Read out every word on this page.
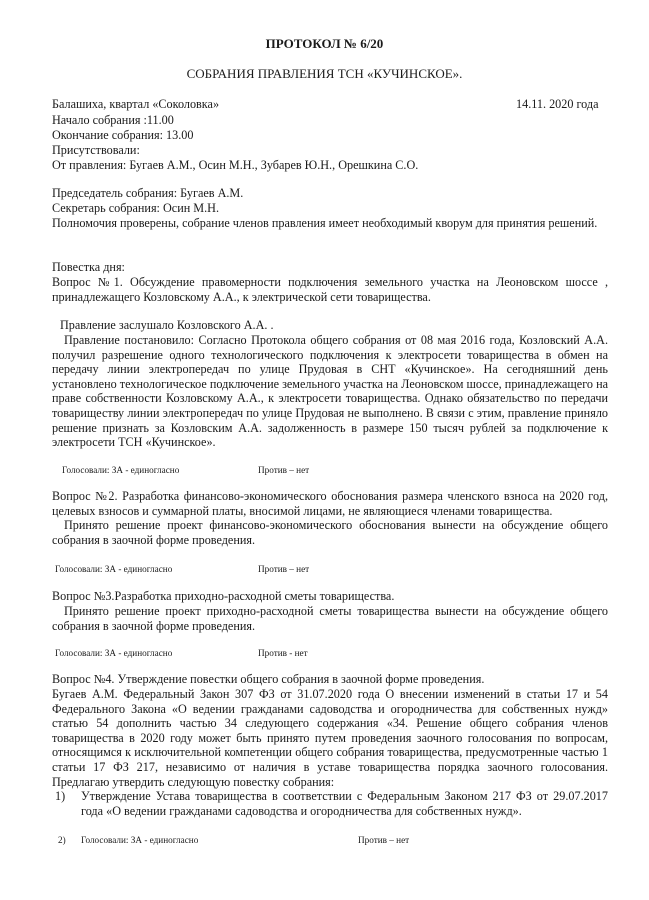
ПРОТОКОЛ № 6/20
СОБРАНИЯ ПРАВЛЕНИЯ ТСН «КУЧИНСКОЕ».
Балашиха, квартал «Соколовка»	14.11. 2020 года
Начало собрания :11.00
Окончание собрания: 13.00
Присутствовали:
От правления: Бугаев А.М., Осин М.Н., Зубарев Ю.Н., Орешкина С.О.
Председатель собрания: Бугаев А.М.
Секретарь собрания: Осин М.Н.
Полномочия проверены, собрание членов правления имеет необходимый кворум для принятия решений.
Повестка дня:
Вопрос №1. Обсуждение правомерности подключения земельного участка на Леоновском шоссе , принадлежащего Козловскому А.А., к электрической сети товарищества.
Правление заслушало Козловского А.А. .
Правление постановило: Согласно Протокола общего собрания от 08 мая 2016 года, Козловский А.А. получил разрешение одного технологического подключения к электросети товарищества в обмен на передачу линии электропередач по улице Прудовая в СНТ «Кучинское». На сегодняшний день установлено технологическое подключение земельного участка на Леоновском шоссе, принадлежащего на праве собственности Козловскому А.А., к электросети товарищества. Однако обязательство по передачи товариществу линии электропередач по улице Прудовая не выполнено. В связи с этим, правление приняло решение признать за Козловским А.А. задолженность в размере 150 тысяч рублей за подключение к электросети ТСН «Кучинское».
Голосовали: ЗА - единогласно	Против – нет
Вопрос №2. Разработка финансово-экономического обоснования размера членского взноса на 2020 год, целевых взносов и суммарной платы, вносимой лицами, не являющиеся членами товарищества.
Принято решение проект финансово-экономического обоснования вынести на обсуждение общего собрания в заочной форме проведения.
Голосовали: ЗА - единогласно	Против – нет
Вопрос №3.Разработка приходно-расходной сметы товарищества.
Принято решение проект приходно-расходной сметы товарищества вынести на обсуждение общего собрания в заочной форме проведения.
Голосовали: ЗА - единогласно	Против - нет
Вопрос №4. Утверждение повестки общего собрания в заочной форме проведения.
Бугаев А.М. Федеральный Закон 307 ФЗ от 31.07.2020 года О внесении изменений в статьи 17 и 54 Федерального Закона «О ведении гражданами садоводства и огородничества для собственных нужд» статью 54 дополнить частью 34 следующего содержания «34. Решение общего собрания членов товарищества в 2020 году может быть принято путем проведения заочного голосования по вопросам, относящимся к исключительной компетенции общего собрания товарищества, предусмотренные частью 1 статьи 17 ФЗ 217, независимо от наличия в уставе товарищества порядка заочного голосования. Предлагаю утвердить следующую повестку собрания:
1) Утверждение Устава товарищества в соответствии с Федеральным Законом 217 ФЗ от 29.07.2017 года «О ведении гражданами садоводства и огородничества для собственных нужд».
2) Голосовали: ЗА - единогласно	Против – нет
